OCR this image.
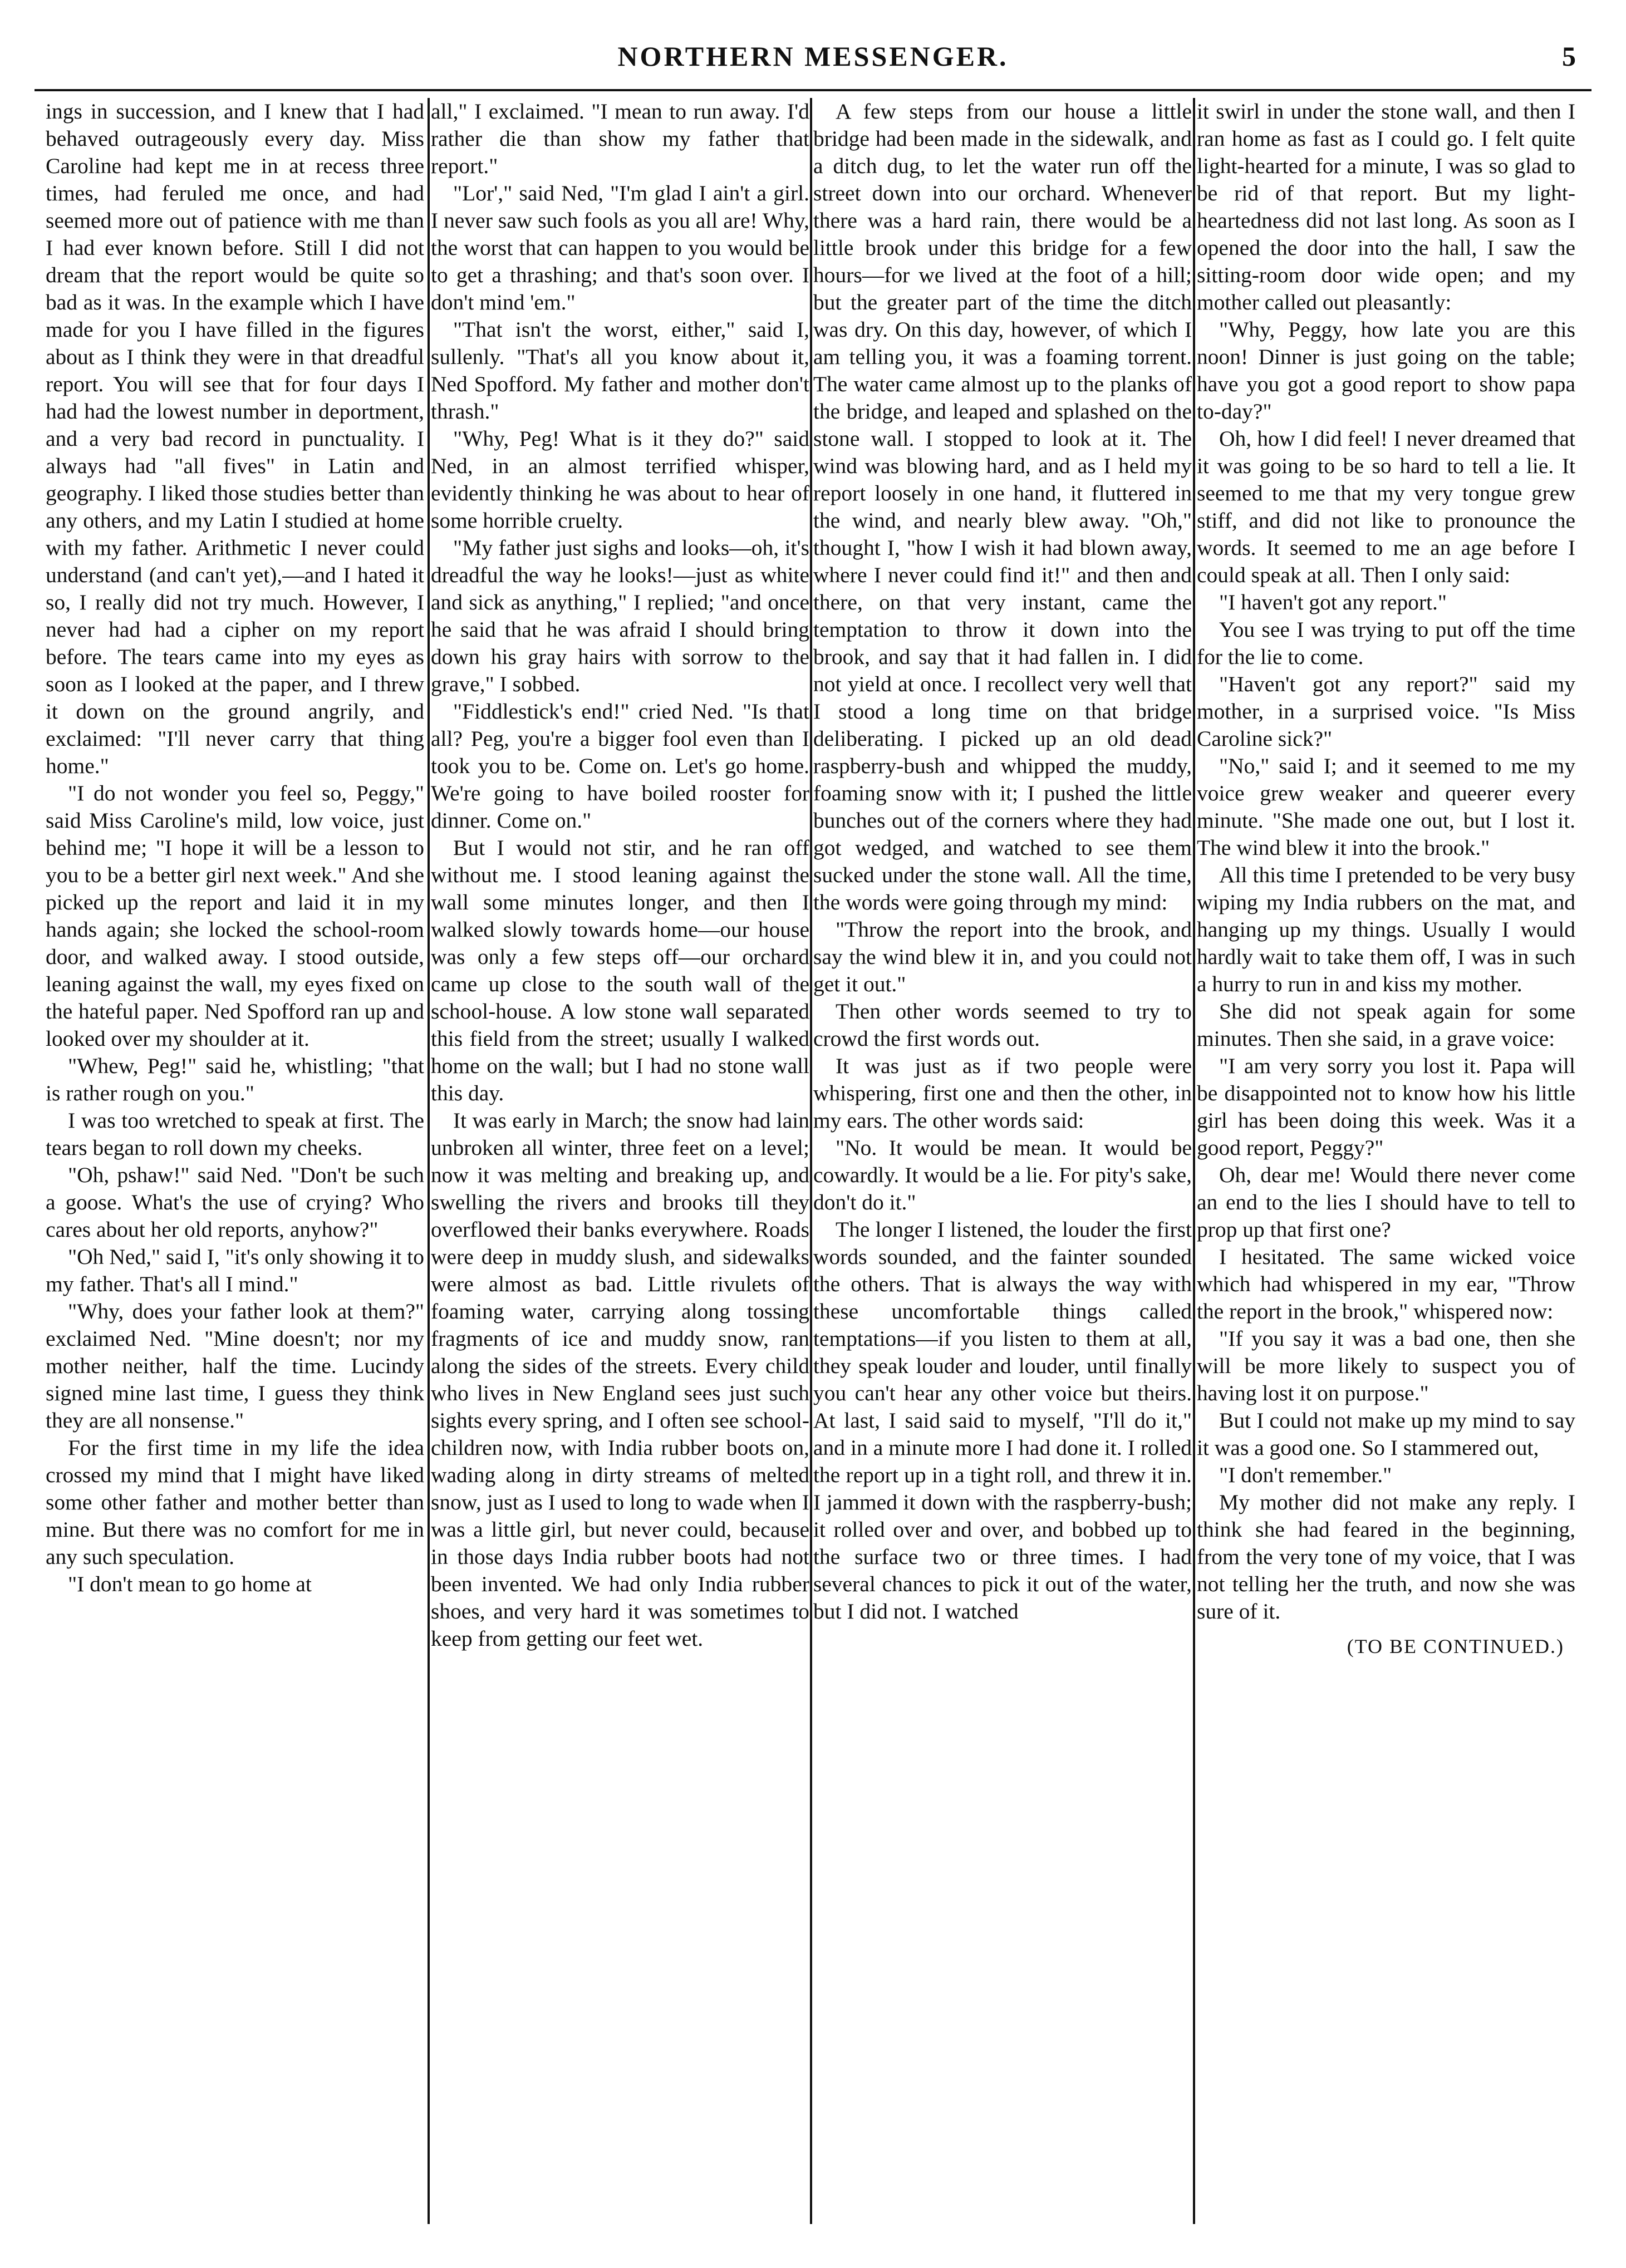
NORTHERN MESSENGER.	5

ings in succession, and I knew that I had behaved outrageously every day. Miss Caroline had kept me in at recess three times, had feruled me once, and had seemed more out of patience with me than I had ever known before. Still I did not dream that the report would be quite so bad as it was. In the example which I have made for you I have filled in the figures about as I think they were in that dreadful report. You will see that for four days I had had the lowest number in deportment, and a very bad record in punctuality. I always had "all fives" in Latin and geography. I liked those studies better than any others, and my Latin I studied at home with my father. Arithmetic I never could understand (and can't yet),—and I hated it so, I really did not try much. However, I never had had a cipher on my report before. The tears came into my eyes as soon as I looked at the paper, and I threw it down on the ground angrily, and exclaimed: "I'll never carry that thing home."

"I do not wonder you feel so, Peggy," said Miss Caroline's mild, low voice, just behind me; "I hope it will be a lesson to you to be a better girl next week." And she picked up the report and laid it in my hands again; she locked the school-room door, and walked away. I stood outside, leaning against the wall, my eyes fixed on the hateful paper. Ned Spofford ran up and looked over my shoulder at it.

"Whew, Peg!" said he, whistling; "that is rather rough on you."

I was too wretched to speak at first. The tears began to roll down my cheeks.

"Oh, pshaw!" said Ned. "Don't be such a goose. What's the use of crying? Who cares about her old reports, anyhow?"

"Oh Ned," said I, "it's only showing it to my father. That's all I mind."

"Why, does your father look at them?" exclaimed Ned. "Mine doesn't; nor my mother neither, half the time. Lucindy signed mine last time, I guess they think they are all nonsense."

For the first time in my life the idea crossed my mind that I might have liked some other father and mother better than mine. But there was no comfort for me in any such speculation.

"I don't mean to go home at

all," I exclaimed. "I mean to run away. I'd rather die than show my father that report."

"Lor'," said Ned, "I'm glad I ain't a girl. I never saw such fools as you all are! Why, the worst that can happen to you would be to get a thrashing; and that's soon over. I don't mind 'em."

"That isn't the worst, either," said I, sullenly. "That's all you know about it, Ned Spofford. My father and mother don't thrash."

"Why, Peg! What is it they do?" said Ned, in an almost terrified whisper, evidently thinking he was about to hear of some horrible cruelty.

"My father just sighs and looks—oh, it's dreadful the way he looks!—just as white and sick as anything," I replied; "and once he said that he was afraid I should bring down his gray hairs with sorrow to the grave," I sobbed.

"Fiddlestick's end!" cried Ned. "Is that all? Peg, you're a bigger fool even than I took you to be. Come on. Let's go home. We're going to have boiled rooster for dinner. Come on."

But I would not stir, and he ran off without me. I stood leaning against the wall some minutes longer, and then I walked slowly towards home—our house was only a few steps off—our orchard came up close to the south wall of the school-house. A low stone wall separated this field from the street; usually I walked home on the wall; but I had no stone wall this day.

It was early in March; the snow had lain unbroken all winter, three feet on a level; now it was melting and breaking up, and swelling the rivers and brooks till they overflowed their banks everywhere. Roads were deep in muddy slush, and sidewalks were almost as bad. Little rivulets of foaming water, carrying along tossing fragments of ice and muddy snow, ran along the sides of the streets. Every child who lives in New England sees just such sights every spring, and I often see school-children now, with India rubber boots on, wading along in dirty streams of melted snow, just as I used to long to wade when I was a little girl, but never could, because in those days India rubber boots had not been invented. We had only India rubber shoes, and very hard it was sometimes to keep from getting our feet wet.

A few steps from our house a little bridge had been made in the sidewalk, and a ditch dug, to let the water run off the street down into our orchard. Whenever there was a hard rain, there would be a little brook under this bridge for a few hours—for we lived at the foot of a hill; but the greater part of the time the ditch was dry. On this day, however, of which I am telling you, it was a foaming torrent. The water came almost up to the planks of the bridge, and leaped and splashed on the stone wall. I stopped to look at it. The wind was blowing hard, and as I held my report loosely in one hand, it fluttered in the wind, and nearly blew away. "Oh," thought I, "how I wish it had blown away, where I never could find it!" and then and there, on that very instant, came the temptation to throw it down into the brook, and say that it had fallen in. I did not yield at once. I recollect very well that I stood a long time on that bridge deliberating. I picked up an old dead raspberry-bush and whipped the muddy, foaming snow with it; I pushed the little bunches out of the corners where they had got wedged, and watched to see them sucked under the stone wall. All the time, the words were going through my mind:

"Throw the report into the brook, and say the wind blew it in, and you could not get it out."

Then other words seemed to try to crowd the first words out.

It was just as if two people were whispering, first one and then the other, in my ears. The other words said:

"No. It would be mean. It would be cowardly. It would be a lie. For pity's sake, don't do it."

The longer I listened, the louder the first words sounded, and the fainter sounded the others. That is always the way with these uncomfortable things called temptations—if you listen to them at all, they speak louder and louder, until finally you can't hear any other voice but theirs. At last, I said said to myself, "I'll do it," and in a minute more I had done it. I rolled the report up in a tight roll, and threw it in. I jammed it down with the raspberry-bush; it rolled over and over, and bobbed up to the surface two or three times. I had several chances to pick it out of the water, but I did not. I watched

it swirl in under the stone wall, and then I ran home as fast as I could go. I felt quite light-hearted for a minute, I was so glad to be rid of that report. But my light-heartedness did not last long. As soon as I opened the door into the hall, I saw the sitting-room door wide open; and my mother called out pleasantly:

"Why, Peggy, how late you are this noon! Dinner is just going on the table; have you got a good report to show papa to-day?"

Oh, how I did feel! I never dreamed that it was going to be so hard to tell a lie. It seemed to me that my very tongue grew stiff, and did not like to pronounce the words. It seemed to me an age before I could speak at all. Then I only said:

"I haven't got any report."

You see I was trying to put off the time for the lie to come.

"Haven't got any report?" said my mother, in a surprised voice. "Is Miss Caroline sick?"

"No," said I; and it seemed to me my voice grew weaker and queerer every minute. "She made one out, but I lost it. The wind blew it into the brook."

All this time I pretended to be very busy wiping my India rubbers on the mat, and hanging up my things. Usually I would hardly wait to take them off, I was in such a hurry to run in and kiss my mother.

She did not speak again for some minutes. Then she said, in a grave voice:

"I am very sorry you lost it. Papa will be disappointed not to know how his little girl has been doing this week. Was it a good report, Peggy?"

Oh, dear me! Would there never come an end to the lies I should have to tell to prop up that first one?

I hesitated. The same wicked voice which had whispered in my ear, "Throw the report in the brook," whispered now:

"If you say it was a bad one, then she will be more likely to suspect you of having lost it on purpose."

But I could not make up my mind to say it was a good one. So I stammered out,

"I don't remember."

My mother did not make any reply. I think she had feared in the beginning, from the very tone of my voice, that I was not telling her the truth, and now she was sure of it.

(TO BE CONTINUED.)
